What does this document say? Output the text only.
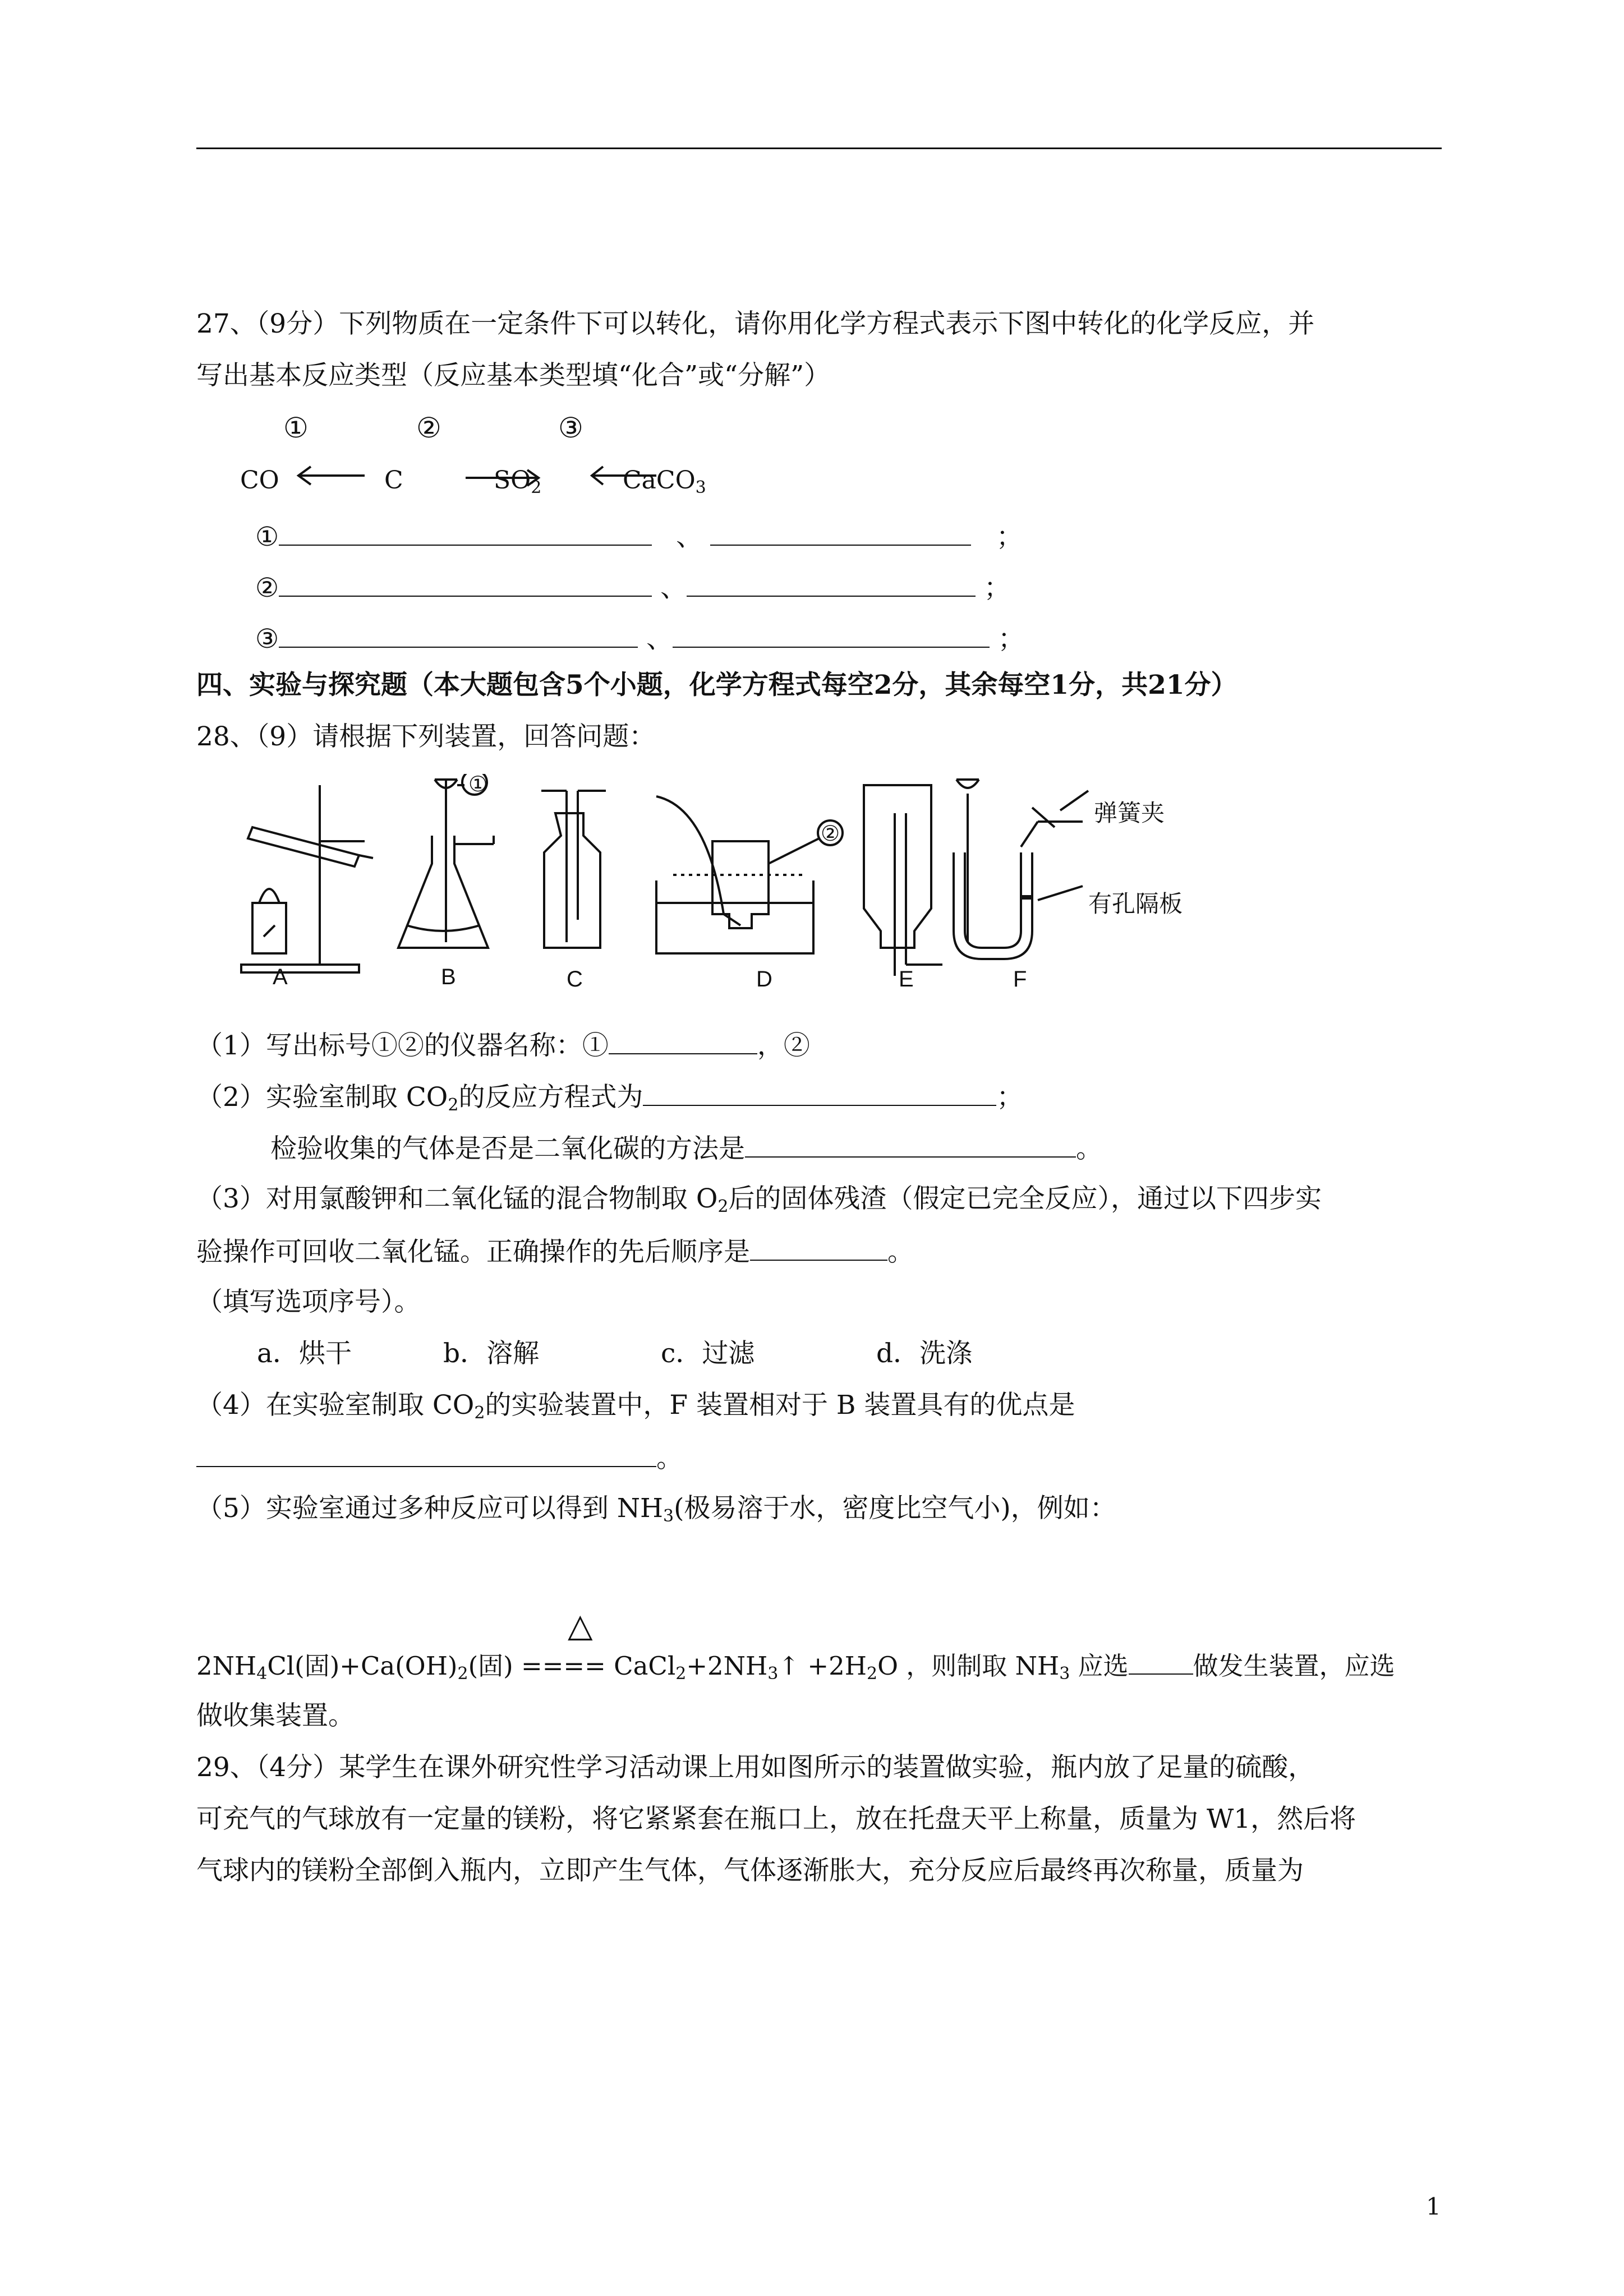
27、（9分）下列物质在一定条件下可以转化，请你用化学方程式表示下图中转化的化学反应，并
写出基本反应类型（反应基本类型填“化合”或“分解”）
①	②	③
CO	C	$SO_2$	CaCO$_3$
①	、	；
②	、	；
③	、	；
四、实验与探究题（本大题包含5个小题，化学方程式每空2分，其余每空1分，共21分）
28、（9）请根据下列装置，回答问题：
A	B	C	D	E	F
①
②
弹簧夹
有孔隔板
（1）写出标号①②的仪器名称：①	，②
（2）实验室制取 $CO_2$的反应方程式为	；
检验收集的气体是否是二氧化碳的方法是	。
（3）对用氯酸钾和二氧化锰的混合物制取 $O_2$后的固体残渣（假定已完全反应），通过以下四步实
验操作可回收二氧化锰。正确操作的先后顺序是	。
（填写选项序号）。
a．烘干	b．溶解	c．过滤	d．洗涤
（4）在实验室制取 $CO_2$的实验装置中，F 装置相对于 B 装置具有的优点是
。
（5）实验室通过多种反应可以得到 $NH_3$(极易溶于水，密度比空气小)，例如：
△
$2NH_4Cl$(固)$+Ca(OH)_2$(固) ==== $CaCl_2+2NH_3↑ +2H_2O$ ，则制取 $NH_3$ 应选	做发生装置，应选
做收集装置。
29、（4分）某学生在课外研究性学习活动课上用如图所示的装置做实验，瓶内放了足量的硫酸，
可充气的气球放有一定量的镁粉，将它紧紧套在瓶口上，放在托盘天平上称量，质量为 W1，然后将
气球内的镁粉全部倒入瓶内，立即产生气体，气体逐渐胀大，充分反应后最终再次称量，质量为
1
